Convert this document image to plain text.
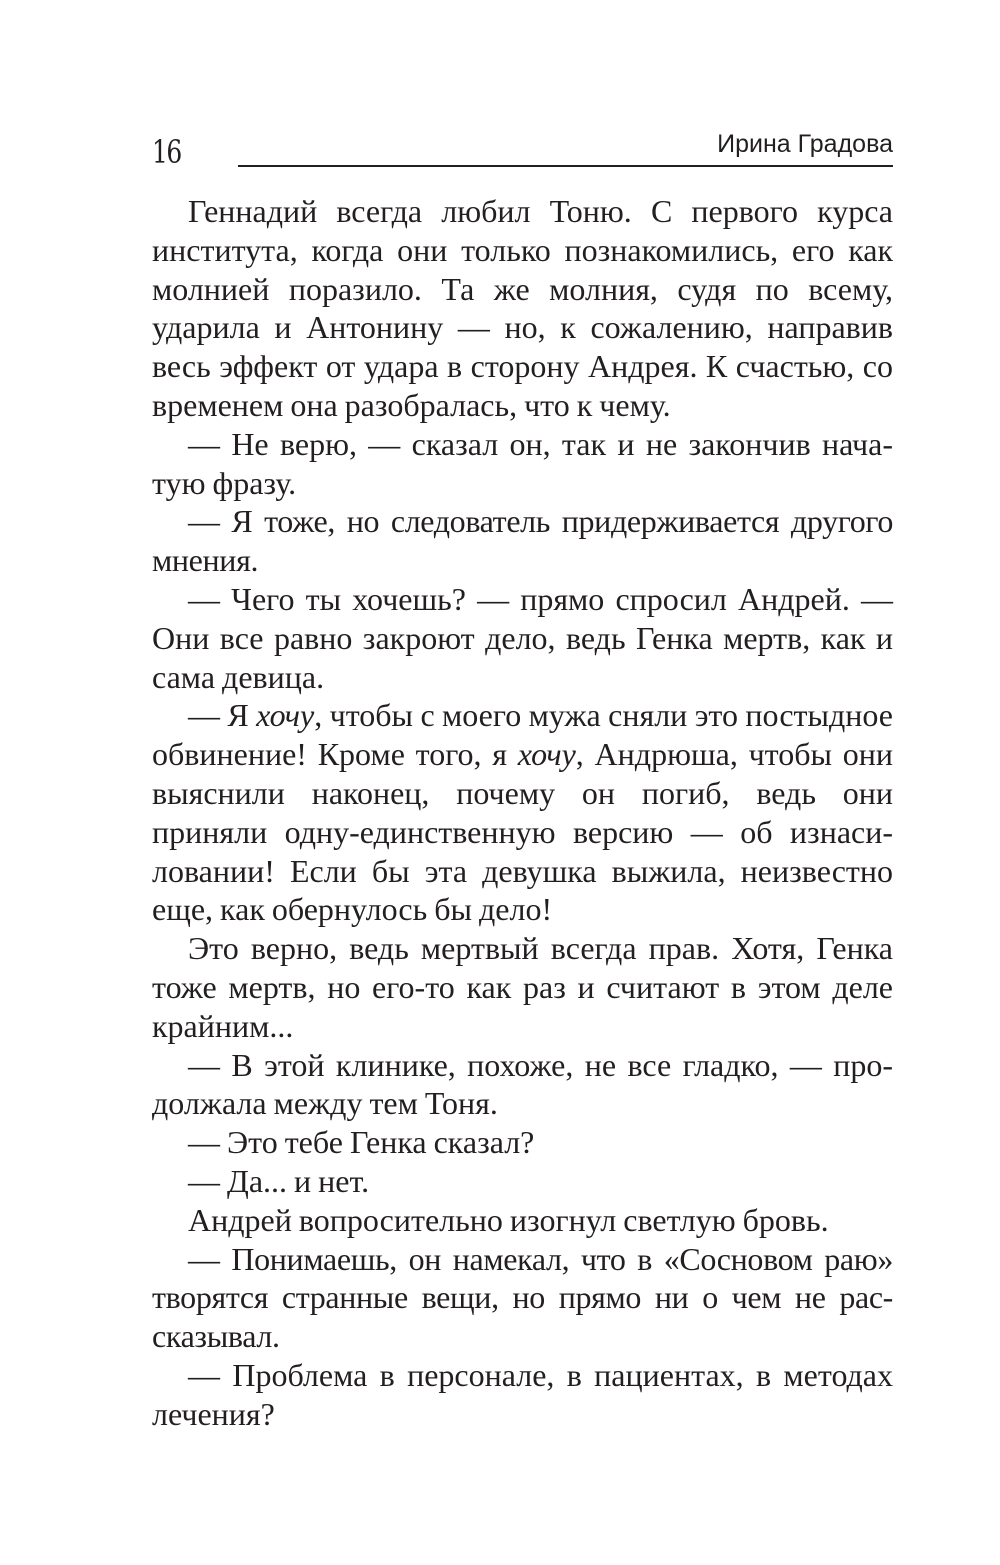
16	Ирина Градова

Геннадий всегда любил Тоню. С первого курса института, когда они только познакомились, его как молнией поразило. Та же молния, судя по всему, ударила и Антонину — но, к сожалению, направив весь эффект от удара в сторону Андрея. К счастью, со временем она разобралась, что к чему.

— Не верю, — сказал он, так и не закончив нача-тую фразу.

— Я тоже, но следователь придерживается другого мнения.

— Чего ты хочешь? — прямо спросил Андрей. — Они все равно закроют дело, ведь Генка мертв, как и сама девица.

— Я хочу, чтобы с моего мужа сняли это постыдное обвинение! Кроме того, я хочу, Андрюша, чтобы они выяснили наконец, почему он погиб, ведь они приняли одну-единственную версию — об изнаси-ловании! Если бы эта девушка выжила, неизвестно еще, как обернулось бы дело!

Это верно, ведь мертвый всегда прав. Хотя, Генка тоже мертв, но его-то как раз и считают в этом деле крайним...

— В этой клинике, похоже, не все гладко, — про-должала между тем Тоня.

— Это тебе Генка сказал?

— Да... и нет.

Андрей вопросительно изогнул светлую бровь.

— Понимаешь, он намекал, что в «Сосновом раю» творятся странные вещи, но прямо ни о чем не рас-сказывал.

— Проблема в персонале, в пациентах, в методах лечения?
